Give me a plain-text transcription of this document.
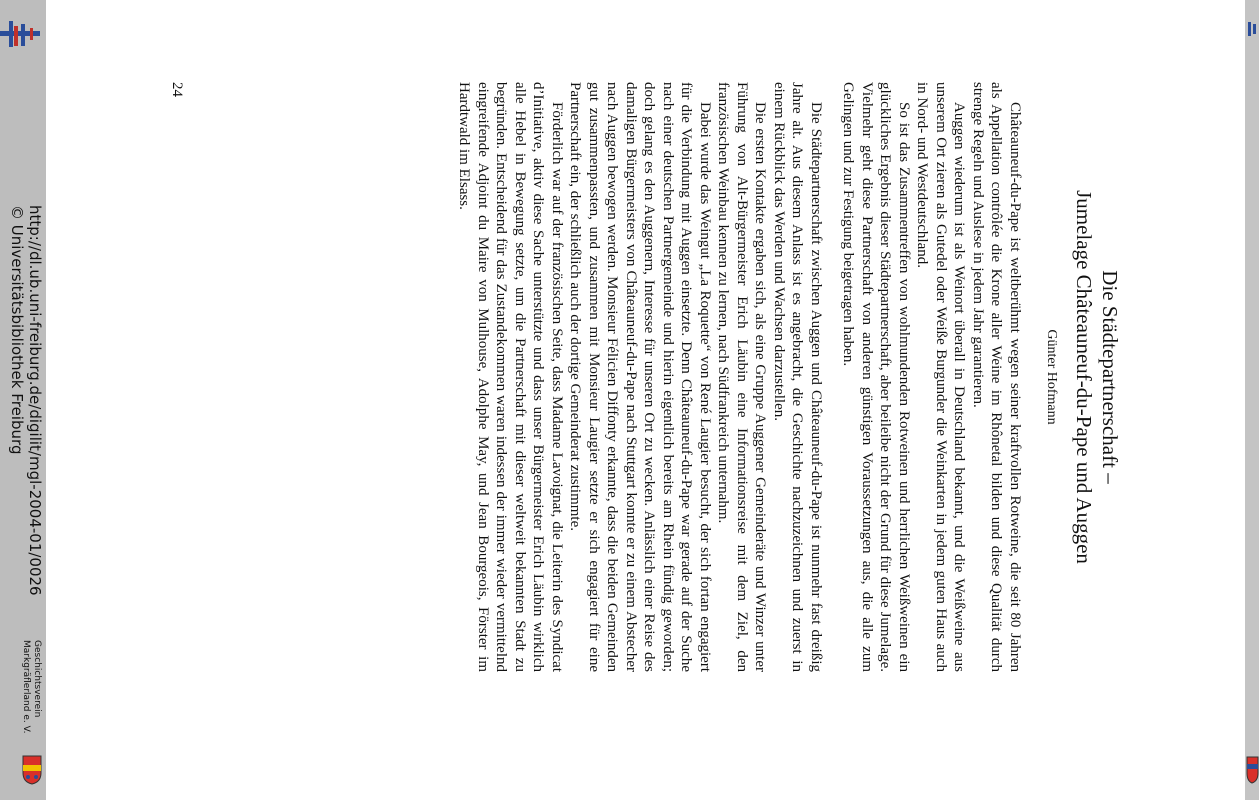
http://dl.ub.uni-freiburg.de/digilit/mgl-2004-01/0026
© Universitätsbibliothek Freiburg
Geschichtsverein
Markgräflerland e. V.
Die Städtepartnerschaft –
Jumelage Châteauneuf-du-Pape und Auggen
Günter Hofmann

Châteauneuf-du-Pape ist weltberühmt wegen seiner kraftvollen Rotweine, die seit 80 Jahren als Appellation contrôlée die Krone aller Weine im Rhônetal bilden und diese Qualität durch strenge Regeln und Auslese in jedem Jahr garantieren.

Auggen wiederum ist als Weinort überall in Deutschland bekannt, und die Weißweine aus unserem Ort zieren als Gutedel oder Weiße Burgunder die Weinkarten in jedem guten Haus auch in Nord- und Westdeutschland.

So ist das Zusammentreffen von wohlmundenden Rotweinen und herrlichen Weißweinen ein glückliches Ergebnis dieser Städtepartnerschaft, aber beileibe nicht der Grund für diese Jumelage. Vielmehr geht diese Partnerschaft von anderen günstigen Voraussetzungen aus, die alle zum Gelingen und zur Festigung beigetragen haben.

Die Städtepartnerschaft zwischen Auggen und Châteauneuf-du-Pape ist nunmehr fast dreißig Jahre alt. Aus diesem Anlass ist es angebracht, die Geschichte nachzuzeichnen und zuerst in einem Rückblick das Werden und Wachsen darzustellen.

Die ersten Kontakte ergaben sich, als eine Gruppe Auggener Gemeinderäte und Winzer unter Führung von Alt-Bürgermeister Erich Läubin eine Informationsreise mit dem Ziel, den französischen Weinbau kennen zu lernen, nach Südfrankreich unternahm.

Dabei wurde das Weingut „La Roquette“ von René Laugier besucht, der sich fortan engagiert für die Verbindung mit Auggen einsetzte. Denn Châteauneuf-du-Pape war gerade auf der Suche nach einer deutschen Partnergemeinde und hierin eigentlich bereits am Rhein fündig geworden; doch gelang es den Auggenern, Interesse für unseren Ort zu wecken. Anlässlich einer Reise des damaligen Bürgermeisters von Châteauneuf-du-Pape nach Stuttgart konnte er zu einem Abstecher nach Auggen bewogen werden. Monsieur Félicien Diffonty erkannte, dass die beiden Gemeinden gut zusammenpassten, und zusammen mit Monsieur Laugier setzte er sich engagiert für eine Partnerschaft ein, der schließlich auch der dortige Gemeinderat zustimmte.

Förderlich war auf der französischen Seite, dass Madame Lavoignat, die Leiterin des Syndicat d’Initiative, aktiv diese Sache unterstützte und dass unser Bürgermeister Erich Läubin wirklich alle Hebel in Bewegung setzte, um die Partnerschaft mit dieser weltweit bekannten Stadt zu begründen. Entscheidend für das Zustandekommen waren indessen der immer wieder vermittelnd eingreifende Adjoint du Maire von Mulhouse, Adolphe May, und Jean Bourgeois, Förster im Hardtwald im Elsass.

24
